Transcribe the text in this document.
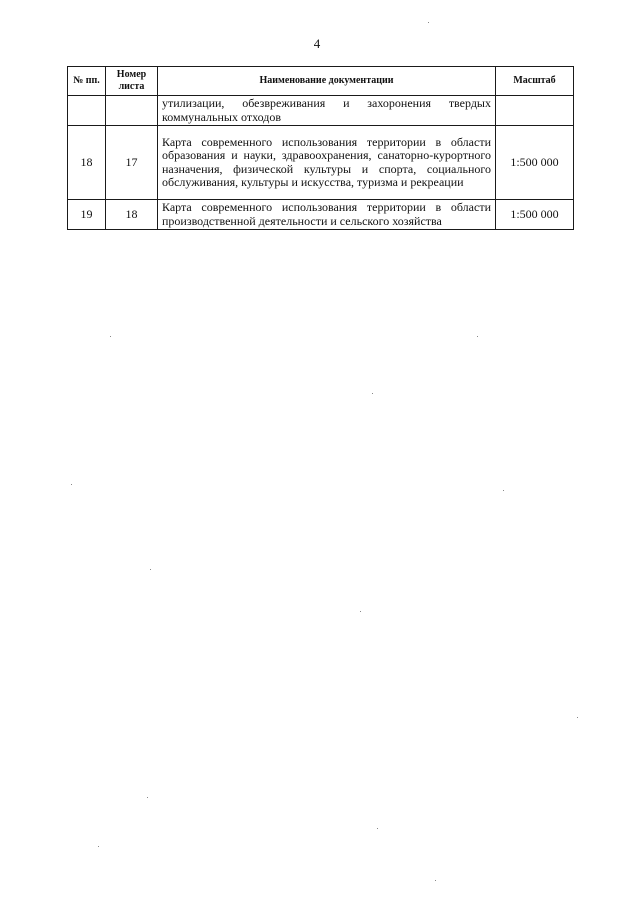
4
№ пп.	Номер листа	Наименование документации	Масштаб
		утилизации, обезвреживания и захоронения твердых коммунальных отходов	
18	17	Карта современного использования территории в области образования и науки, здравоохранения, санаторно-курортного назначения, физической культуры и спорта, социального обслуживания, культуры и искусства, туризма и рекреации	1:500 000
19	18	Карта современного использования территории в области производственной деятельности и сельского хозяйства	1:500 000
